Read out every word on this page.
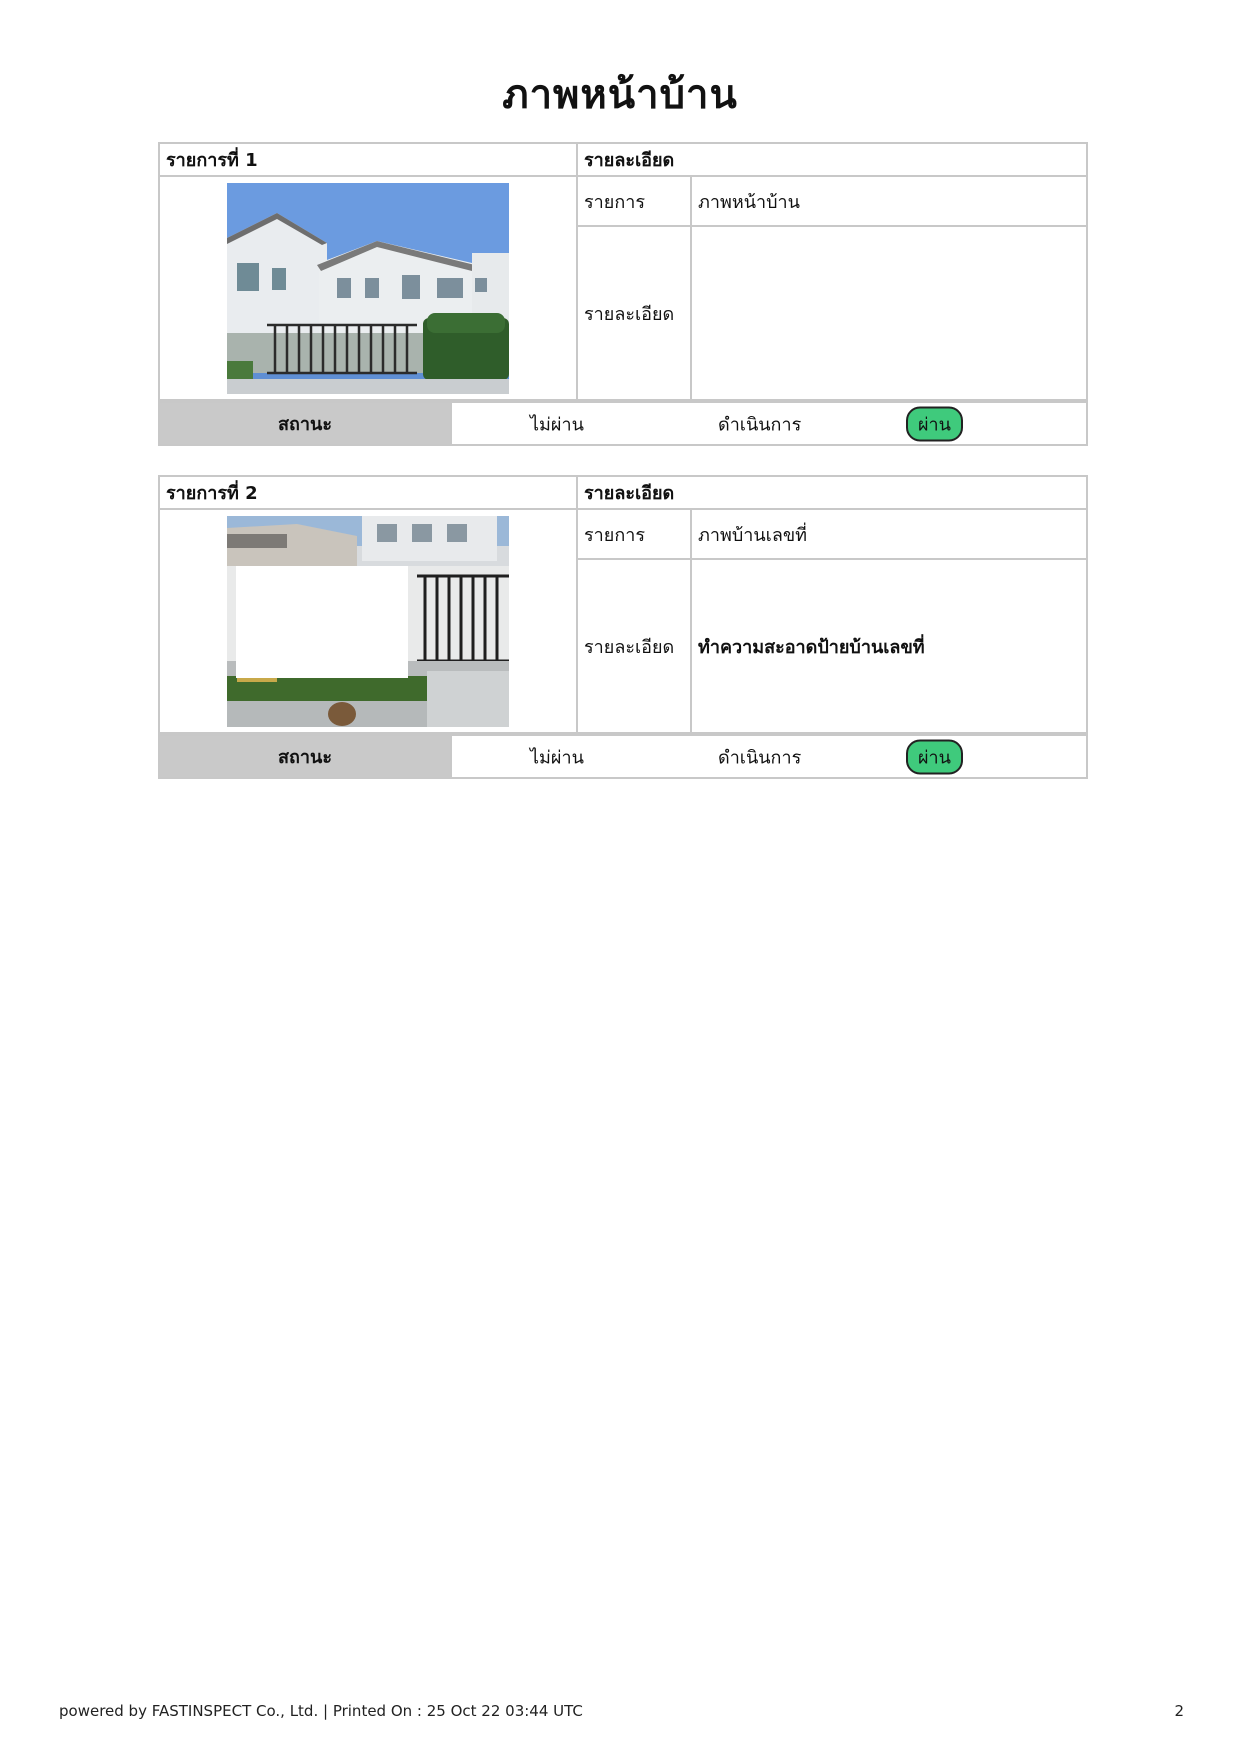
ภาพหน้าบ้าน
รายการที่ 1	รายละเอียด	
	รายการ	ภาพหน้าบ้าน
	รายละเอียด	
สถานะ	ไม่ผ่าน	ดำเนินการ	ผ่าน
รายการที่ 2	รายละเอียด	
	รายการ	ภาพบ้านเลขที่
	รายละเอียด	ทำความสะอาดป้ายบ้านเลขที่
สถานะ	ไม่ผ่าน	ดำเนินการ	ผ่าน
powered by FASTINSPECT Co., Ltd. | Printed On : 25 Oct 22 03:44 UTC	2
